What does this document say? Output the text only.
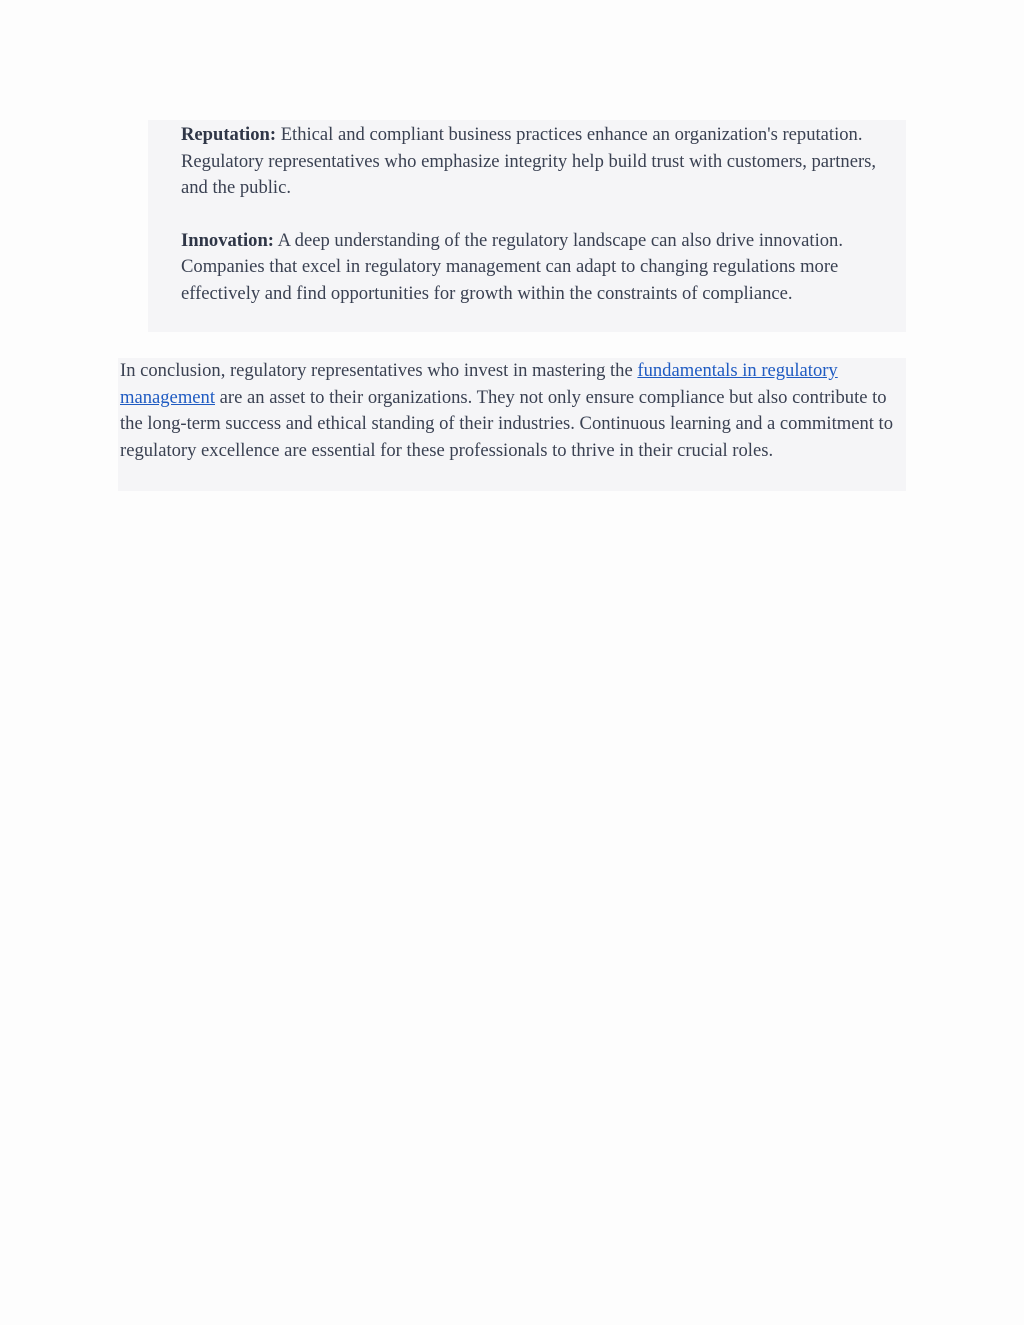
Reputation: Ethical and compliant business practices enhance an organization's reputation. Regulatory representatives who emphasize integrity help build trust with customers, partners, and the public.

Innovation: A deep understanding of the regulatory landscape can also drive innovation. Companies that excel in regulatory management can adapt to changing regulations more effectively and find opportunities for growth within the constraints of compliance.

In conclusion, regulatory representatives who invest in mastering the fundamentals in regulatory management are an asset to their organizations. They not only ensure compliance but also contribute to the long-term success and ethical standing of their industries. Continuous learning and a commitment to regulatory excellence are essential for these professionals to thrive in their crucial roles.
